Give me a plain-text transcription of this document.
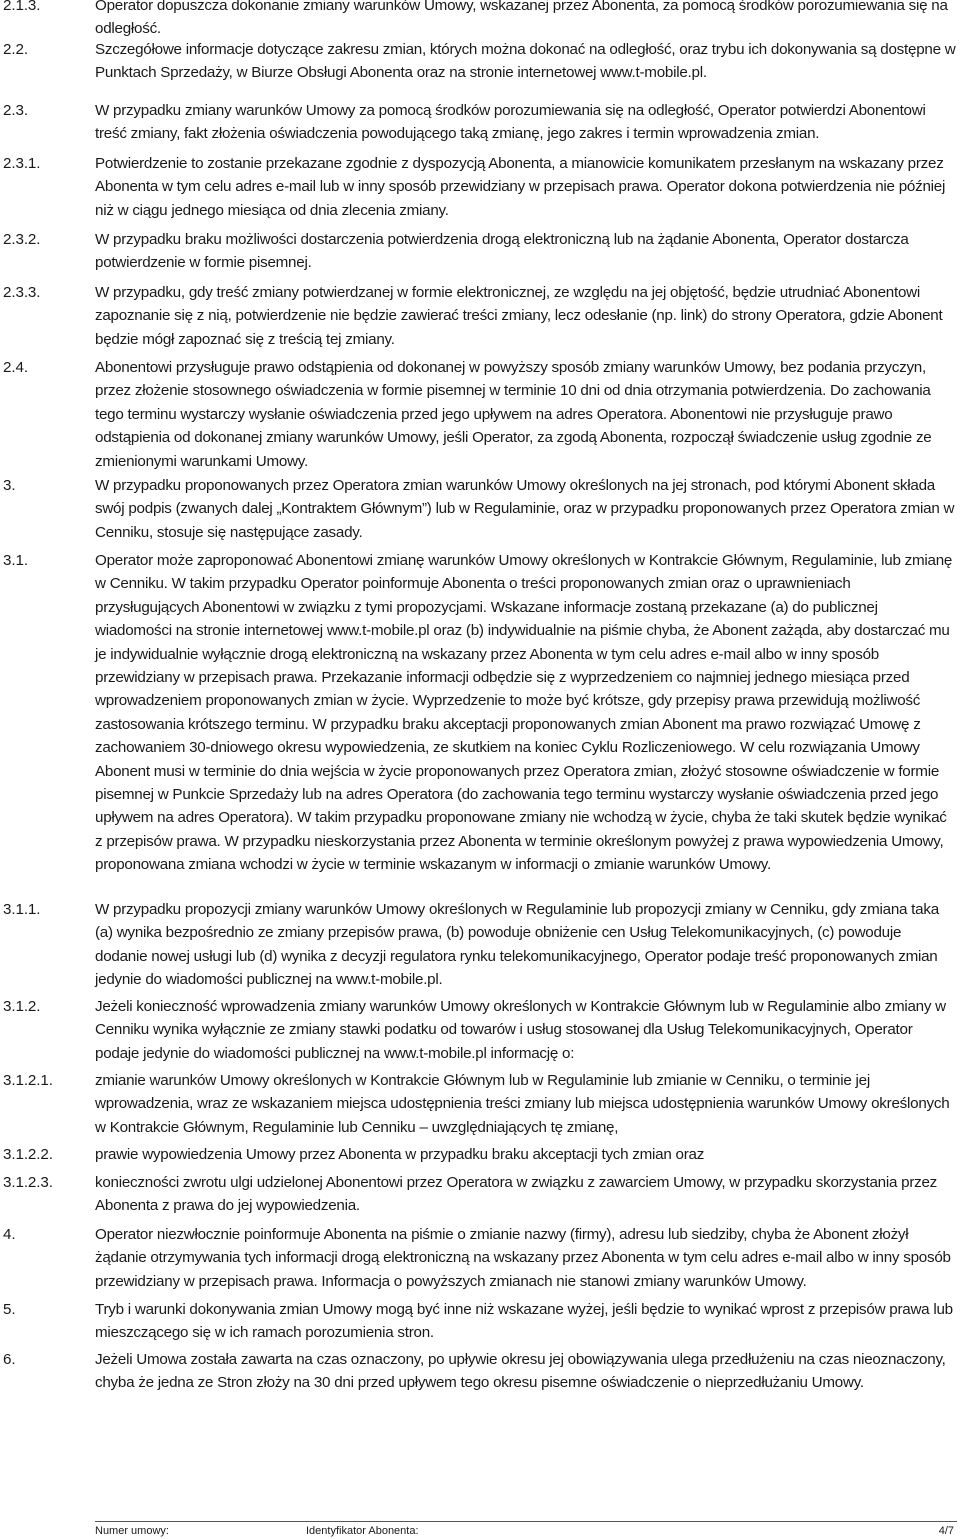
2.1.3.	Operator dopuszcza dokonanie zmiany warunków Umowy, wskazanej przez Abonenta, za pomocą środków porozumiewania się na odległość.
2.2.	Szczegółowe informacje dotyczące zakresu zmian, których można dokonać na odległość, oraz trybu ich dokonywania są dostępne w Punktach Sprzedaży, w Biurze Obsługi Abonenta oraz na stronie internetowej www.t-mobile.pl.
2.3.	W przypadku zmiany warunków Umowy za pomocą środków porozumiewania się na odległość, Operator potwierdzi Abonentowi treść zmiany, fakt złożenia oświadczenia powodującego taką zmianę, jego zakres i termin wprowadzenia zmian.
2.3.1.	Potwierdzenie to zostanie przekazane zgodnie z dyspozycją Abonenta, a mianowicie komunikatem przesłanym na wskazany przez Abonenta w tym celu adres e-mail lub w inny sposób przewidziany w przepisach prawa. Operator dokona potwierdzenia nie później niż w ciągu jednego miesiąca od dnia zlecenia zmiany.
2.3.2.	W przypadku braku możliwości dostarczenia potwierdzenia drogą elektroniczną lub na żądanie Abonenta, Operator dostarcza potwierdzenie w formie pisemnej.
2.3.3.	W przypadku, gdy treść zmiany potwierdzanej w formie elektronicznej, ze względu na jej objętość, będzie utrudniać Abonentowi zapoznanie się z nią, potwierdzenie nie będzie zawierać treści zmiany, lecz odesłanie (np. link) do strony Operatora, gdzie Abonent będzie mógł zapoznać się z treścią tej zmiany.
2.4.	Abonentowi przysługuje prawo odstąpienia od dokonanej w powyższy sposób zmiany warunków Umowy, bez podania przyczyn, przez złożenie stosownego oświadczenia w formie pisemnej w terminie 10 dni od dnia otrzymania potwierdzenia. Do zachowania tego terminu wystarczy wysłanie oświadczenia przed jego upływem na adres Operatora. Abonentowi nie przysługuje prawo odstąpienia od dokonanej zmiany warunków Umowy, jeśli Operator, za zgodą Abonenta, rozpoczął świadczenie usług zgodnie ze zmienionymi warunkami Umowy.
3.	W przypadku proponowanych przez Operatora zmian warunków Umowy określonych na jej stronach, pod którymi Abonent składa swój podpis (zwanych dalej „Kontraktem Głównym”) lub w Regulaminie, oraz w przypadku proponowanych przez Operatora zmian w Cenniku, stosuje się następujące zasady.
3.1.	Operator może zaproponować Abonentowi zmianę warunków Umowy określonych w Kontrakcie Głównym, Regulaminie, lub zmianę w Cenniku. W takim przypadku Operator poinformuje Abonenta o treści proponowanych zmian oraz o uprawnieniach przysługujących Abonentowi w związku z tymi propozycjami. Wskazane informacje zostaną przekazane (a) do publicznej wiadomości na stronie internetowej www.t-mobile.pl oraz (b) indywidualnie na piśmie chyba, że Abonent zażąda, aby dostarczać mu je indywidualnie wyłącznie drogą elektroniczną na wskazany przez Abonenta w tym celu adres e-mail albo w inny sposób przewidziany w przepisach prawa. Przekazanie informacji odbędzie się z wyprzedzeniem co najmniej jednego miesiąca przed wprowadzeniem proponowanych zmian w życie. Wyprzedzenie to może być krótsze, gdy przepisy prawa przewidują możliwość zastosowania krótszego terminu. W przypadku braku akceptacji proponowanych zmian Abonent ma prawo rozwiązać Umowę z zachowaniem 30-dniowego okresu wypowiedzenia, ze skutkiem na koniec Cyklu Rozliczeniowego. W celu rozwiązania Umowy Abonent musi w terminie do dnia wejścia w życie proponowanych przez Operatora zmian, złożyć stosowne oświadczenie w formie pisemnej w Punkcie Sprzedaży lub na adres Operatora (do zachowania tego terminu wystarczy wysłanie oświadczenia przed jego upływem na adres Operatora). W takim przypadku proponowane zmiany nie wchodzą w życie, chyba że taki skutek będzie wynikać z przepisów prawa. W przypadku nieskorzystania przez Abonenta w terminie określonym powyżej z prawa wypowiedzenia Umowy, proponowana zmiana wchodzi w życie w terminie wskazanym w informacji o zmianie warunków Umowy.
3.1.1.	W przypadku propozycji zmiany warunków Umowy określonych w Regulaminie lub propozycji zmiany w Cenniku, gdy zmiana taka (a) wynika bezpośrednio ze zmiany przepisów prawa, (b) powoduje obniżenie cen Usług Telekomunikacyjnych, (c) powoduje dodanie nowej usługi lub (d) wynika z decyzji regulatora rynku telekomunikacyjnego, Operator podaje treść proponowanych zmian jedynie do wiadomości publicznej na www.t-mobile.pl.
3.1.2.	Jeżeli konieczność wprowadzenia zmiany warunków Umowy określonych w Kontrakcie Głównym lub w Regulaminie albo zmiany w Cenniku wynika wyłącznie ze zmiany stawki podatku od towarów i usług stosowanej dla Usług Telekomunikacyjnych, Operator podaje jedynie do wiadomości publicznej na www.t-mobile.pl informację o:
3.1.2.1.	zmianie warunków Umowy określonych w Kontrakcie Głównym lub w Regulaminie lub zmianie w Cenniku, o terminie jej wprowadzenia, wraz ze wskazaniem miejsca udostępnienia treści zmiany lub miejsca udostępnienia warunków Umowy określonych w Kontrakcie Głównym, Regulaminie lub Cenniku – uwzględniających tę zmianę,
3.1.2.2.	prawie wypowiedzenia Umowy przez Abonenta w przypadku braku akceptacji tych zmian oraz
3.1.2.3.	konieczności zwrotu ulgi udzielonej Abonentowi przez Operatora w związku z zawarciem Umowy, w przypadku skorzystania przez Abonenta z prawa do jej wypowiedzenia.
4.	Operator niezwłocznie poinformuje Abonenta na piśmie o zmianie nazwy (firmy), adresu lub siedziby, chyba że Abonent złożył żądanie otrzymywania tych informacji drogą elektroniczną na wskazany przez Abonenta w tym celu adres e-mail albo w inny sposób przewidziany w przepisach prawa. Informacja o powyższych zmianach nie stanowi zmiany warunków Umowy.
5.	Tryb i warunki dokonywania zmian Umowy mogą być inne niż wskazane wyżej, jeśli będzie to wynikać wprost z przepisów prawa lub mieszczącego się w ich ramach porozumienia stron.
6.	Jeżeli Umowa została zawarta na czas oznaczony, po upływie okresu jej obowiązywania ulega przedłużeniu na czas nieoznaczony, chyba że jedna ze Stron złoży na 30 dni przed upływem tego okresu pisemne oświadczenie o nieprzedłużaniu Umowy.
Numer umowy:	Identyfikator Abonenta:	4/7
